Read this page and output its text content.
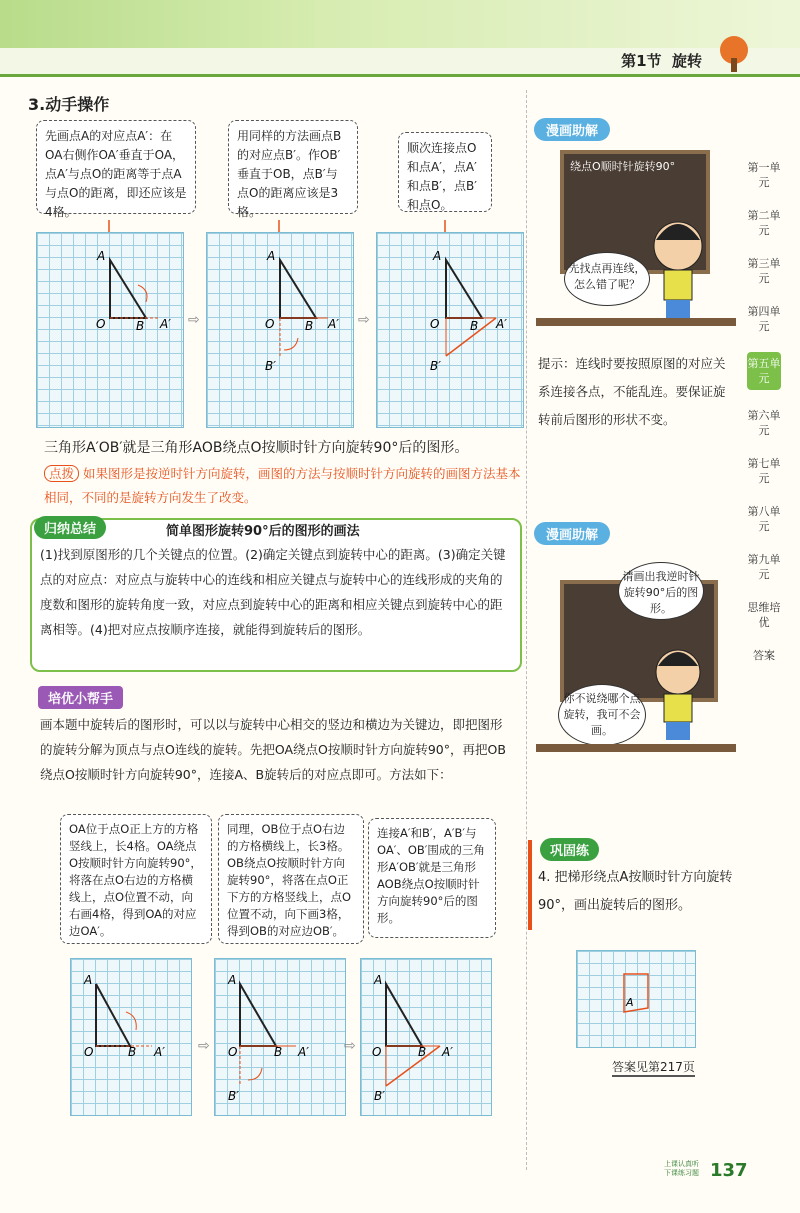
第1节 旋转
第一单元
第二单元
第三单元
第四单元
第五单元
第六单元
第七单元
第八单元
第九单元
思维培优
答案
3.动手操作
先画点A的对应点A′：在OA右侧作OA′垂直于OA，点A′与点O的距离等于点A与点O的距离，即还应该是4格。
用同样的方法画点B的对应点B′。作OB′垂直于OB，点B′与点O的距离应该是3格。
顺次连接点O和点A′，点A′和点B′，点B′和点O。
A
O	B A′
A
O	B A′
B′
A
O	B A′
B′
⇨	⇨
三角形A′OB′就是三角形AOB绕点O按顺时针方向旋转90°后的图形。
点拨 如果图形是按逆时针方向旋转，画图的方法与按顺时针方向旋转的画图方法基本相同，不同的是旋转方向发生了改变。
归纳总结	简单图形旋转90°后的图形的画法
(1)找到原图形的几个关键点的位置。(2)确定关键点到旋转中心的距离。(3)确定关键点的对应点：对应点与旋转中心的连线和相应关键点与旋转中心的连线形成的夹角的度数和图形的旋转角度一致，对应点到旋转中心的距离和相应关键点到旋转中心的距离相等。(4)把对应点按顺序连接，就能得到旋转后的图形。
培优小帮手
画本题中旋转后的图形时，可以以与旋转中心相交的竖边和横边为关键边，即把图形的旋转分解为顶点与点O连线的旋转。先把OA绕点O按顺时针方向旋转90°，再把OB绕点O按顺时针方向旋转90°，连接A、B旋转后的对应点即可。方法如下：
OA位于点O正上方的方格竖线上，长4格。OA绕点O按顺时针方向旋转90°，将落在点O右边的方格横线上，点O位置不动，向右画4格，得到OA的对应边OA′。
同理，OB位于点O右边的方格横线上，长3格。OB绕点O按顺时针方向旋转90°，将落在点O正下方的方格竖线上，点O位置不动，向下画3格，得到OB的对应边OB′。
连接A′和B′，A′B′与OA′、OB′围成的三角形A′OB′就是三角形AOB绕点O按顺时针方向旋转90°后的图形。
A
O	B A′
A
O	B A′
B′
A
O	B A′
B′
⇨	⇨
漫画助解
绕点O顺时针旋转90°
先找点再连线，怎么错了呢？
提示：连线时要按照原图的对应关系连接各点，不能乱连。要保证旋转前后图形的形状不变。
漫画助解
请画出我逆时针旋转90°后的图形。
你不说绕哪个点旋转，我可不会画。
巩固练
4. 把梯形绕点A按顺时针方向旋转90°，画出旋转后的图形。
A
答案见第217页
上课认真听
下课练习题 137
